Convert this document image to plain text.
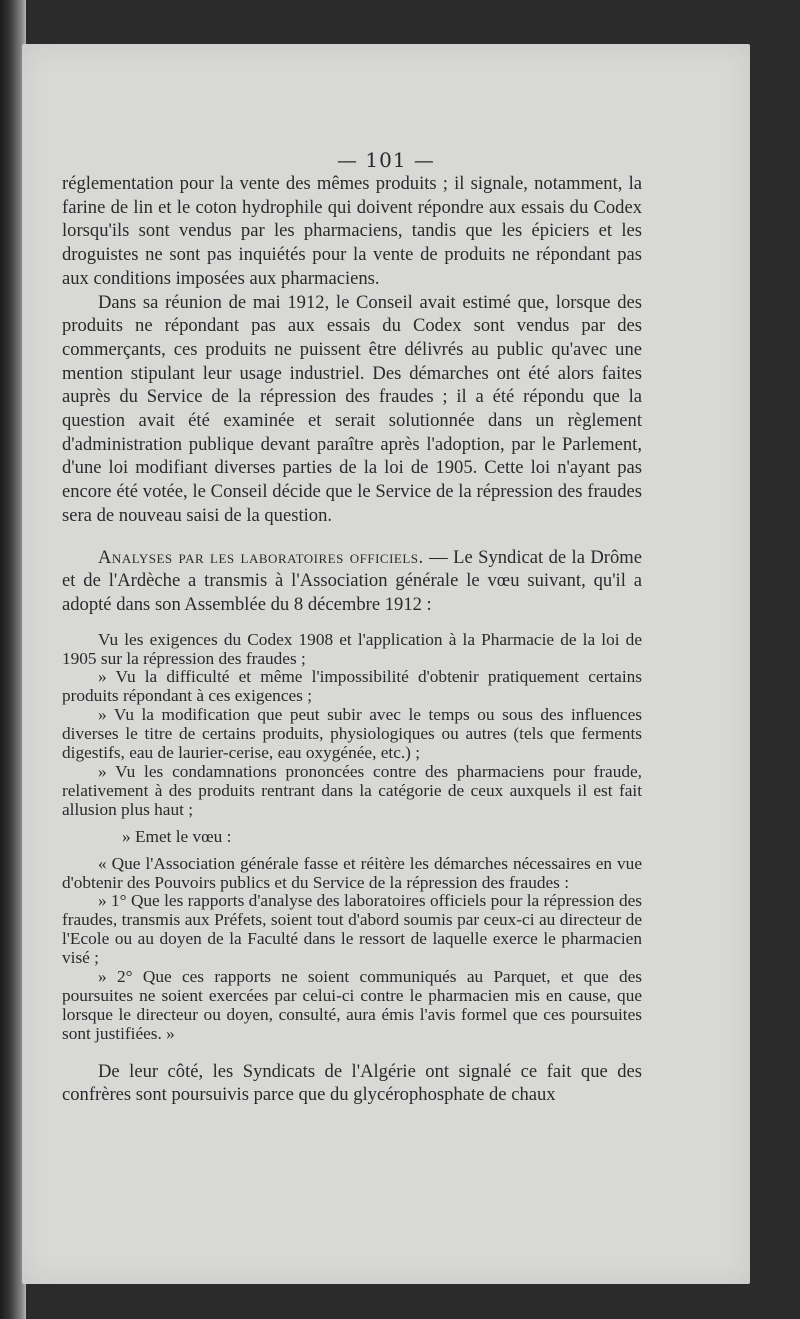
— 101 —

réglementation pour la vente des mêmes produits ; il signale, notamment, la farine de lin et le coton hydrophile qui doivent répondre aux essais du Codex lorsqu'ils sont vendus par les pharmaciens, tandis que les épiciers et les droguistes ne sont pas inquiétés pour la vente de produits ne répondant pas aux conditions imposées aux pharmaciens.

Dans sa réunion de mai 1912, le Conseil avait estimé que, lorsque des produits ne répondant pas aux essais du Codex sont vendus par des commerçants, ces produits ne puissent être délivrés au public qu'avec une mention stipulant leur usage industriel. Des démarches ont été alors faites auprès du Service de la répression des fraudes ; il a été répondu que la question avait été examinée et serait solutionnée dans un règlement d'administration publique devant paraître après l'adoption, par le Parlement, d'une loi modifiant diverses parties de la loi de 1905. Cette loi n'ayant pas encore été votée, le Conseil décide que le Service de la répression des fraudes sera de nouveau saisi de la question.

Analyses par les laboratoires officiels. — Le Syndicat de la Drôme et de l'Ardèche a transmis à l'Association générale le vœu suivant, qu'il a adopté dans son Assemblée du 8 décembre 1912 :

Vu les exigences du Codex 1908 et l'application à la Pharmacie de la loi de 1905 sur la répression des fraudes ;

» Vu la difficulté et même l'impossibilité d'obtenir pratiquement certains produits répondant à ces exigences ;

» Vu la modification que peut subir avec le temps ou sous des influences diverses le titre de certains produits, physiologiques ou autres (tels que ferments digestifs, eau de laurier-cerise, eau oxygénée, etc.) ;

» Vu les condamnations prononcées contre des pharmaciens pour fraude, relativement à des produits rentrant dans la catégorie de ceux auxquels il est fait allusion plus haut ;

» Emet le vœu :

« Que l'Association générale fasse et réitère les démarches nécessaires en vue d'obtenir des Pouvoirs publics et du Service de la répression des fraudes :

» 1° Que les rapports d'analyse des laboratoires officiels pour la répression des fraudes, transmis aux Préfets, soient tout d'abord soumis par ceux-ci au directeur de l'Ecole ou au doyen de la Faculté dans le ressort de laquelle exerce le pharmacien visé ;

» 2° Que ces rapports ne soient communiqués au Parquet, et que des poursuites ne soient exercées par celui-ci contre le pharmacien mis en cause, que lorsque le directeur ou doyen, consulté, aura émis l'avis formel que ces poursuites sont justifiées. »

De leur côté, les Syndicats de l'Algérie ont signalé ce fait que des confrères sont poursuivis parce que du glycérophosphate de chaux
